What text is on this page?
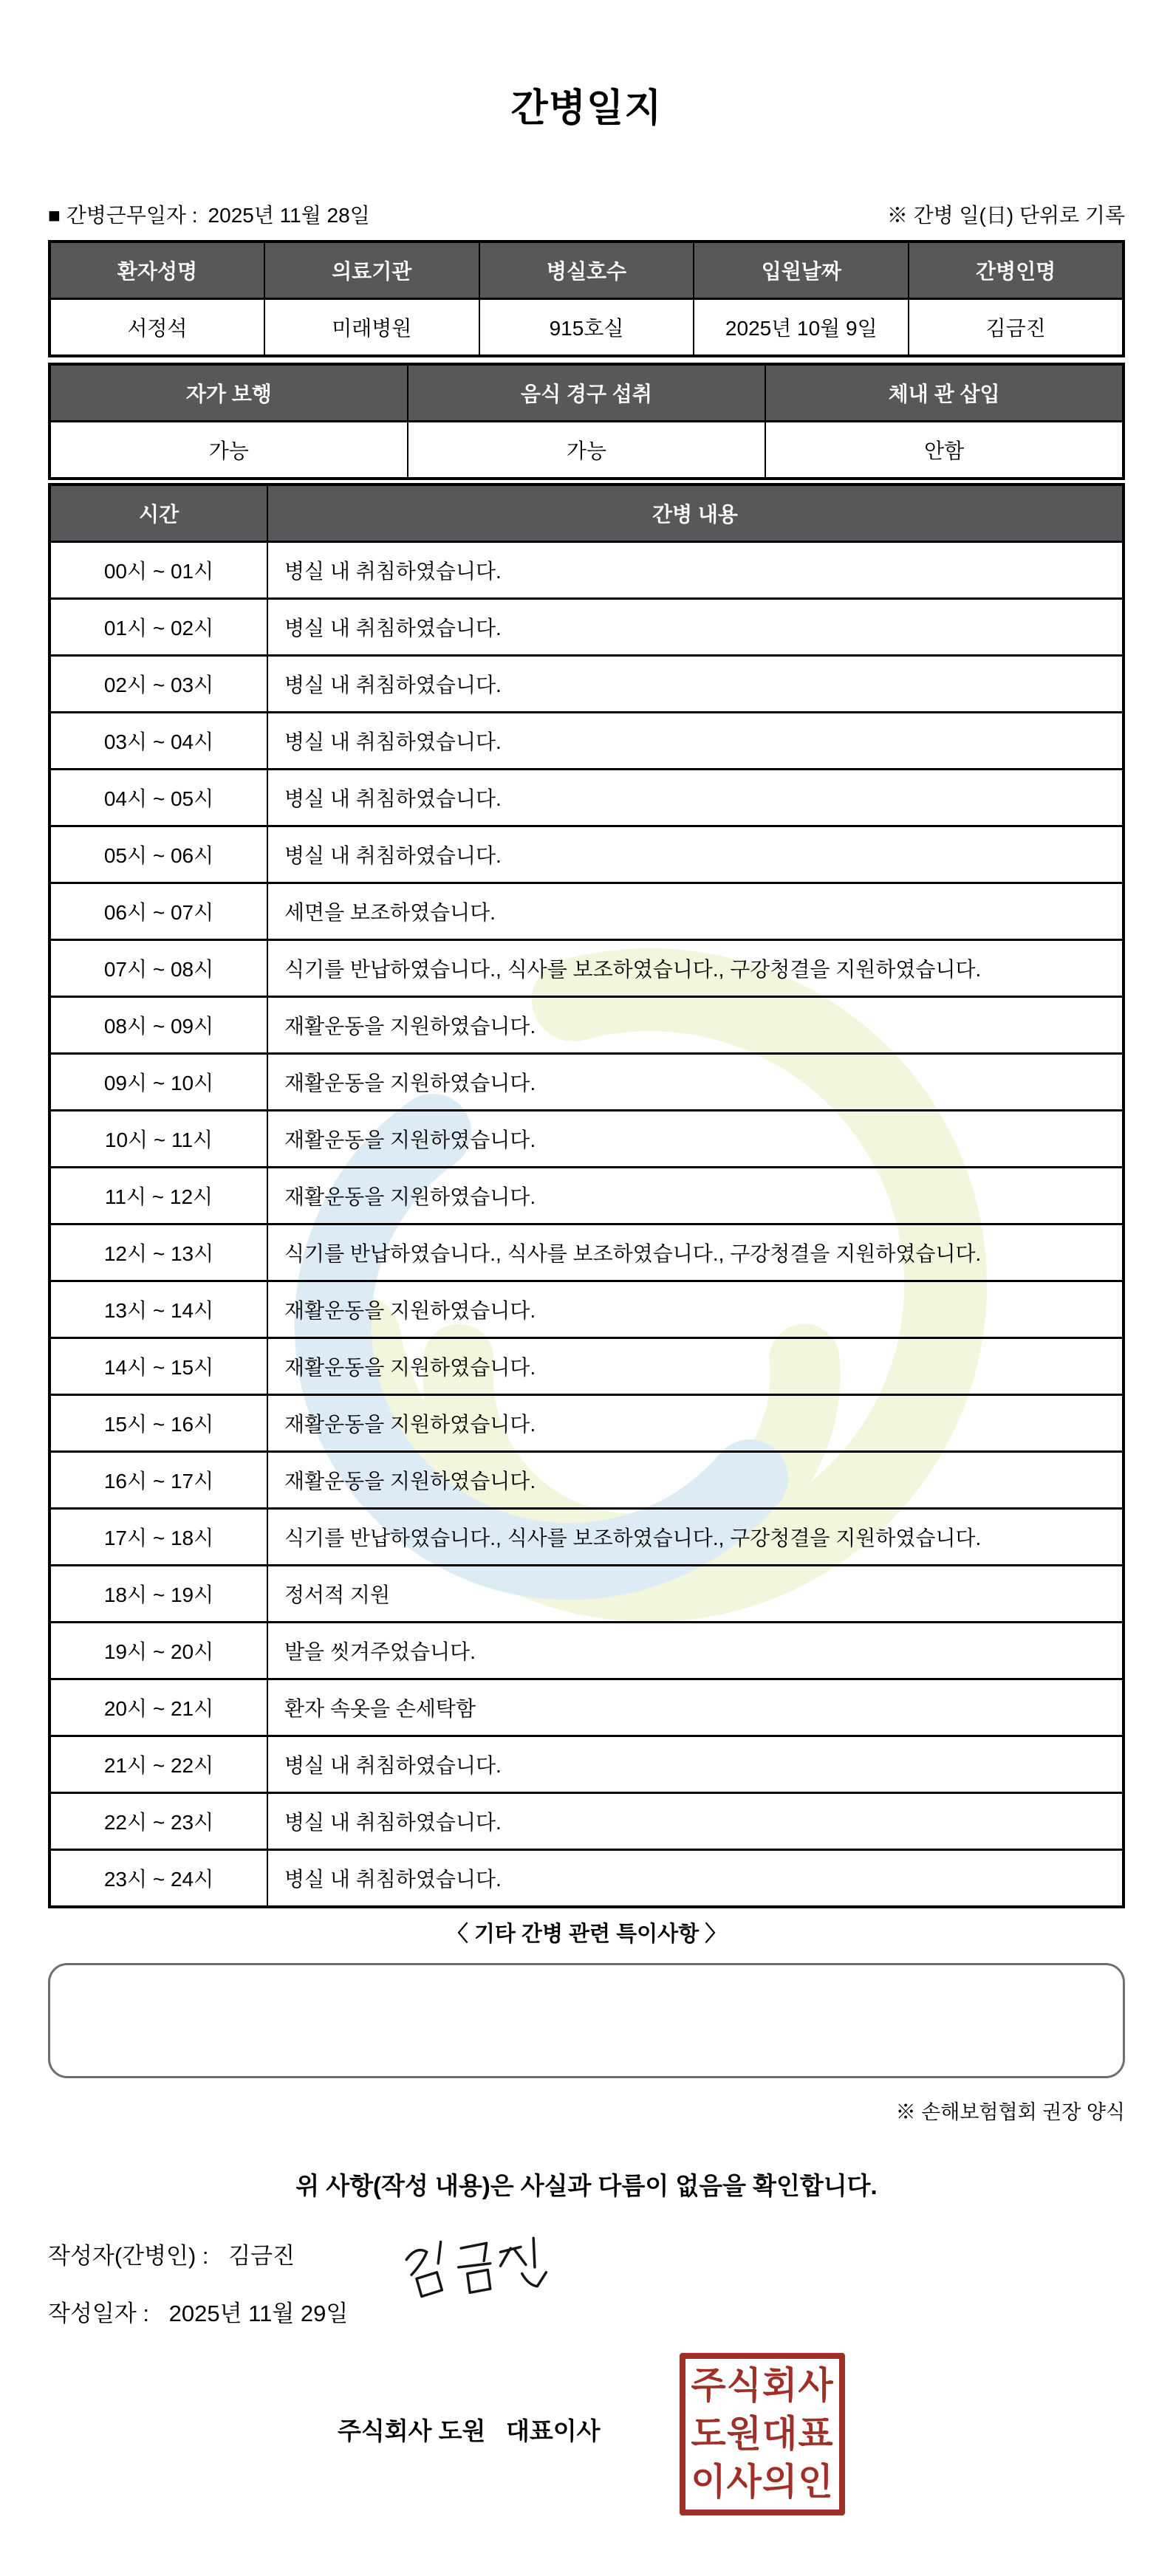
간병일지
■ 간병근무일자 : 2025년 11월 28일	※ 간병 일(日) 단위로 기록
환자성명	의료기관	병실호수	입원날짜	간병인명
서정석	미래병원	915호실	2025년 10월 9일	김금진
자가 보행	음식 경구 섭취	체내 관 삽입
가능	가능	안함
시간	간병 내용
00시 ~ 01시	병실 내 취침하였습니다.
01시 ~ 02시	병실 내 취침하였습니다.
02시 ~ 03시	병실 내 취침하였습니다.
03시 ~ 04시	병실 내 취침하였습니다.
04시 ~ 05시	병실 내 취침하였습니다.
05시 ~ 06시	병실 내 취침하였습니다.
06시 ~ 07시	세면을 보조하였습니다.
07시 ~ 08시	식기를 반납하였습니다., 식사를 보조하였습니다., 구강청결을 지원하였습니다.
08시 ~ 09시	재활운동을 지원하였습니다.
09시 ~ 10시	재활운동을 지원하였습니다.
10시 ~ 11시	재활운동을 지원하였습니다.
11시 ~ 12시	재활운동을 지원하였습니다.
12시 ~ 13시	식기를 반납하였습니다., 식사를 보조하였습니다., 구강청결을 지원하였습니다.
13시 ~ 14시	재활운동을 지원하였습니다.
14시 ~ 15시	재활운동을 지원하였습니다.
15시 ~ 16시	재활운동을 지원하였습니다.
16시 ~ 17시	재활운동을 지원하였습니다.
17시 ~ 18시	식기를 반납하였습니다., 식사를 보조하였습니다., 구강청결을 지원하였습니다.
18시 ~ 19시	정서적 지원
19시 ~ 20시	발을 씻겨주었습니다.
20시 ~ 21시	환자 속옷을 손세탁함
21시 ~ 22시	병실 내 취침하였습니다.
22시 ~ 23시	병실 내 취침하였습니다.
23시 ~ 24시	병실 내 취침하였습니다.
〈 기타 간병 관련 특이사항 〉
※ 손해보험협회 권장 양식
위 사항(작성 내용)은 사실과 다름이 없음을 확인합니다.
작성자(간병인) : 김금진
작성일자 : 2025년 11월 29일
주식회사 도원   대표이사
주식회사
도원대표
이사의인
